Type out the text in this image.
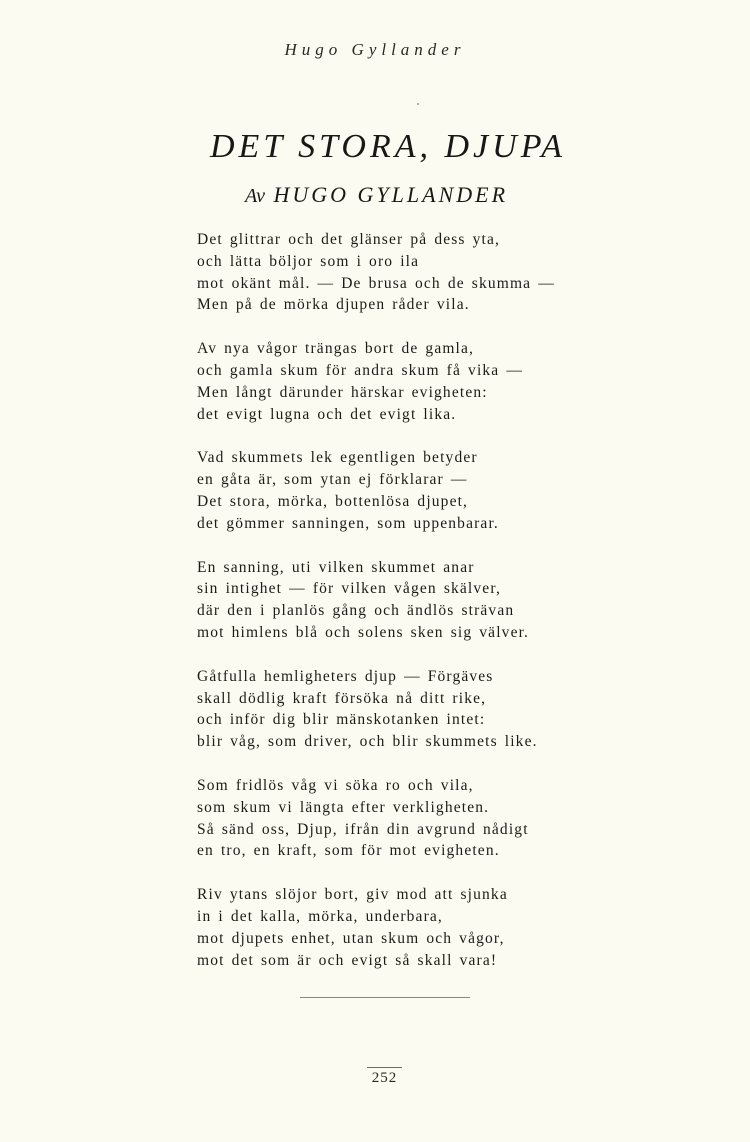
Hugo Gyllander
DET STORA, DJUPA
Av HUGO GYLLANDER
Det glittrar och det glänser på dess yta,
och lätta böljor som i oro ila
mot okänt mål. — De brusa och de skumma —
Men på de mörka djupen råder vila.
Av nya vågor trängas bort de gamla,
och gamla skum för andra skum få vika —
Men långt därunder härskar evigheten:
det evigt lugna och det evigt lika.
Vad skummets lek egentligen betyder
en gåta är, som ytan ej förklarar —
Det stora, mörka, bottenlösa djupet,
det gömmer sanningen, som uppenbarar.
En sanning, uti vilken skummet anar
sin intighet — för vilken vågen skälver,
där den i planlös gång och ändlös strävan
mot himlens blå och solens sken sig välver.
Gåtfulla hemligheters djup — Förgäves
skall dödlig kraft försöka nå ditt rike,
och inför dig blir mänskotanken intet:
blir våg, som driver, och blir skummets like.
Som fridlös våg vi söka ro och vila,
som skum vi längta efter verkligheten.
Så sänd oss, Djup, ifrån din avgrund nådigt
en tro, en kraft, som för mot evigheten.
Riv ytans slöjor bort, giv mod att sjunka
in i det kalla, mörka, underbara,
mot djupets enhet, utan skum och vågor,
mot det som är och evigt så skall vara!
252
